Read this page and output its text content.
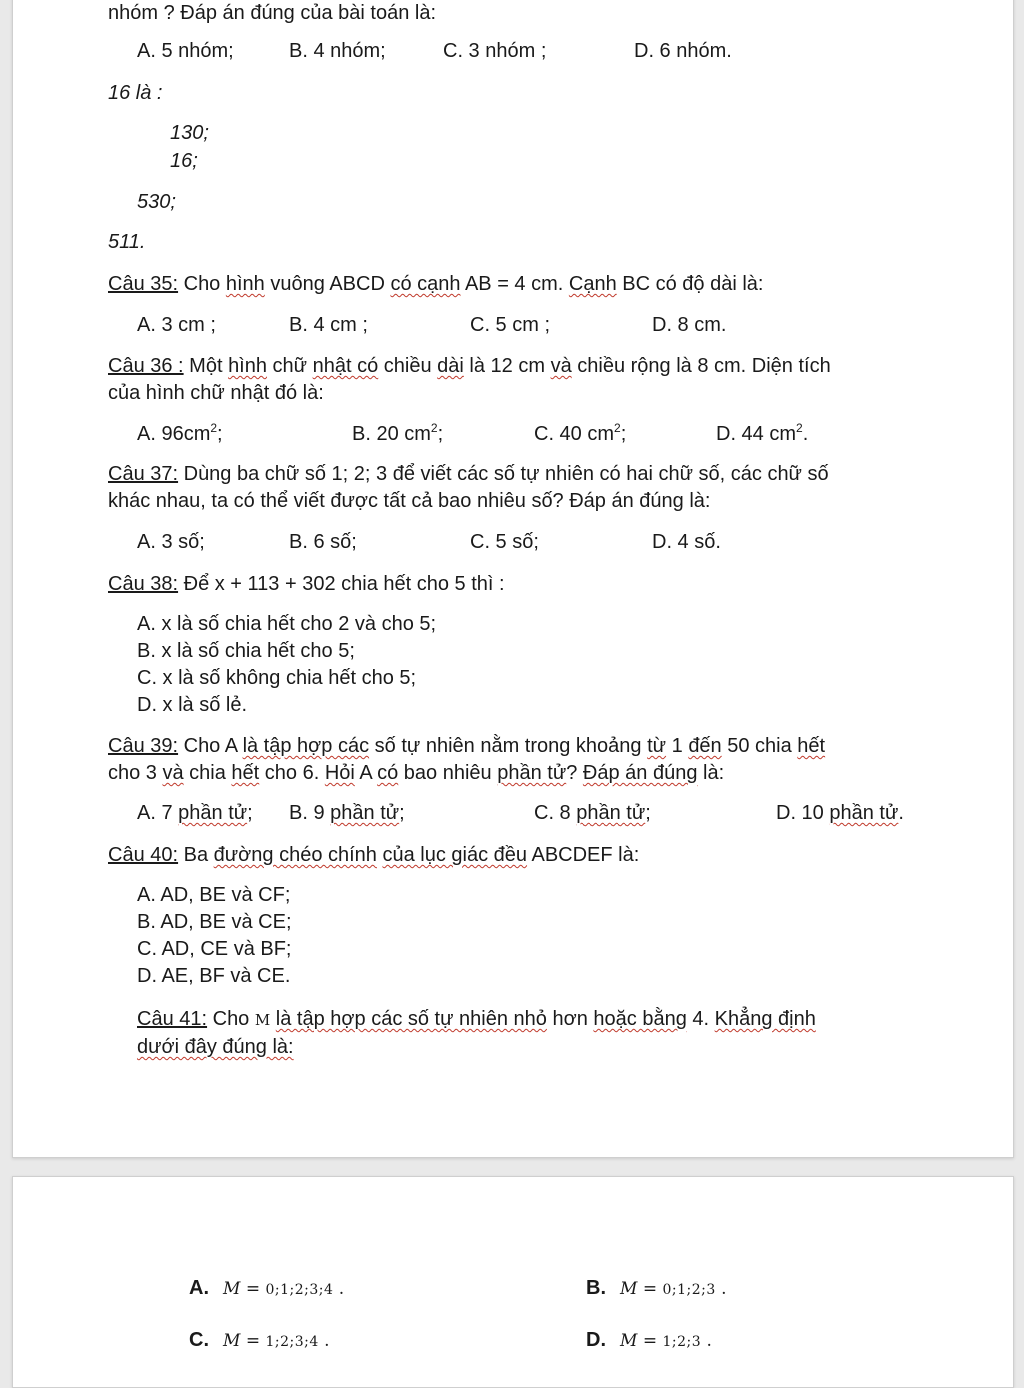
nhóm ? Đáp án đúng của bài toán là:
A. 5 nhóm;	B. 4 nhóm;	C. 3 nhóm ;	D. 6 nhóm.
16 là :
130;
16;
530;
511.
Câu 35: Cho hình vuông ABCD có cạnh AB = 4 cm. Cạnh BC có độ dài là:
A. 3 cm ;	B. 4 cm ;	C. 5 cm ;	D. 8 cm.
Câu 36 : Một hình chữ nhật có chiều dài là 12 cm và chiều rộng là 8 cm. Diện tích
của hình chữ nhật đó là:
A. $96cm^2$;	B. 20 $cm^2$;	C. 40 $cm^2$;	D. 44 $cm^2$.
Câu 37: Dùng ba chữ số 1; 2; 3 để viết các số tự nhiên có hai chữ số, các chữ số
khác nhau, ta có thể viết được tất cả bao nhiêu số? Đáp án đúng là:
A. 3 số;	B. 6 số;	C. 5 số;	D. 4 số.
Câu 38: Để x + 113 + 302 chia hết cho 5 thì :
A. x là số chia hết cho 2 và cho 5;
B. x là số chia hết cho 5;
C. x là số không chia hết cho 5;
D. x là số lẻ.
Câu 39: Cho A là tập hợp các số tự nhiên nằm trong khoảng từ 1 đến 50 chia hết
cho 3 và chia hết cho 6. Hỏi A có bao nhiêu phần tử? Đáp án đúng là:
A. 7 phần tử; B. 9 phần tử;	C. 8 phần tử;	D. 10 phần tử.
Câu 40: Ba đường chéo chính của lục giác đều ABCDEF là:
A. AD, BE và CF;
B. AD, BE và CE;
C. AD, CE và BF;
D. AE, BF và CE.
Câu 41: Cho M là tập hợp các số tự nhiên nhỏ hơn hoặc bằng 4. Khẳng định
dưới đây đúng là:
A. M = 0;1;2;3;4 .	B. M = 0;1;2;3 .
C. M = 1;2;3;4 .	D. M = 1;2;3 .
